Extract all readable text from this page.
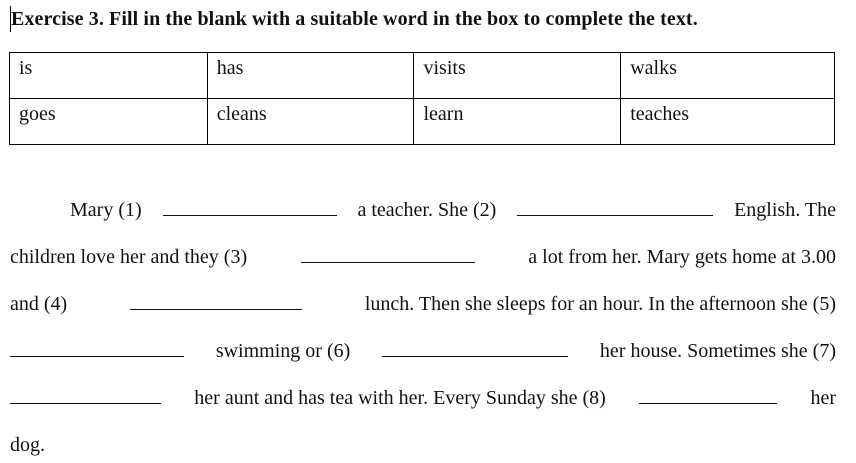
Exercise 3. Fill in the blank with a suitable word in the box to complete the text.
is	has	visits	walks
goes	cleans	learn	teaches
Mary (1)	a teacher. She (2)	English. The
children love her and they (3)	a lot from her. Mary gets home at 3.00
and (4)	lunch. Then she sleeps for an hour. In the afternoon she (5)
swimming or (6)	her house. Sometimes she (7)
her aunt and has tea with her. Every Sunday she (8)	her
dog.
